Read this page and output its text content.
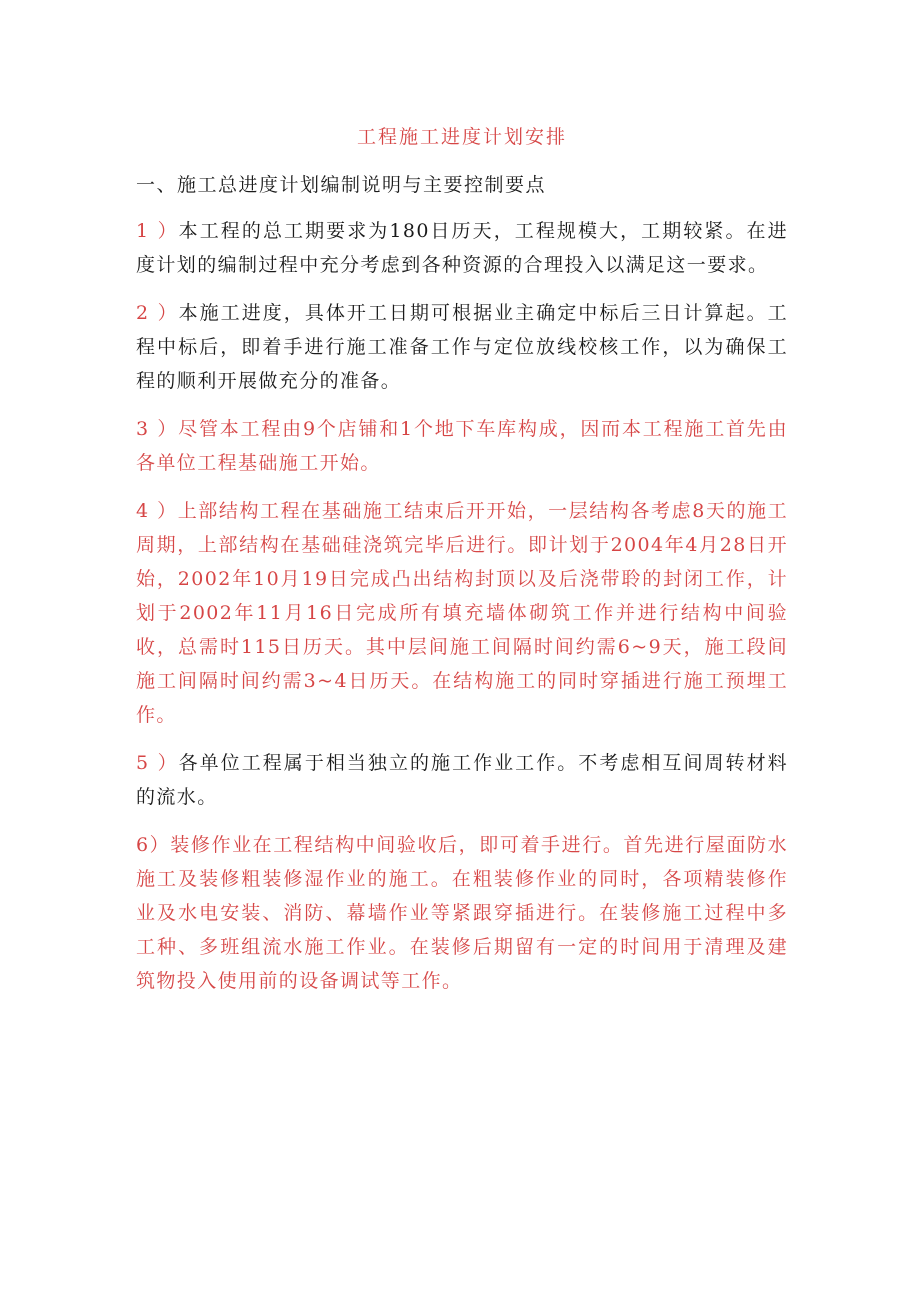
工程施工进度计划安排
一、施工总进度计划编制说明与主要控制要点

1 ）本工程的总工期要求为180日历天，工程规模大，工期较紧。在进度计划的编制过程中充分考虑到各种资源的合理投入以满足这一要求。

2 ）本施工进度，具体开工日期可根据业主确定中标后三日计算起。工程中标后，即着手进行施工准备工作与定位放线校核工作，以为确保工程的顺利开展做充分的准备。

3 ）尽管本工程由9个店铺和1个地下车库构成，因而本工程施工首先由各单位工程基础施工开始。

4 ）上部结构工程在基础施工结束后开开始，一层结构各考虑8天的施工周期，上部结构在基础硅浇筑完毕后进行。即计划于2004年4月28日开始，2002年10月19日完成凸出结构封顶以及后浇带聆的封闭工作，计划于2002年11月16日完成所有填充墙体砌筑工作并进行结构中间验收，总需时115日历天。其中层间施工间隔时间约需6~9天，施工段间施工间隔时间约需3~4日历天。在结构施工的同时穿插进行施工预埋工作。

5 ）各单位工程属于相当独立的施工作业工作。不考虑相互间周转材料的流水。

6）装修作业在工程结构中间验收后，即可着手进行。首先进行屋面防水施工及装修粗装修湿作业的施工。在粗装修作业的同时，各项精装修作业及水电安装、消防、幕墙作业等紧跟穿插进行。在装修施工过程中多工种、多班组流水施工作业。在装修后期留有一定的时间用于清理及建筑物投入使用前的设备调试等工作。
